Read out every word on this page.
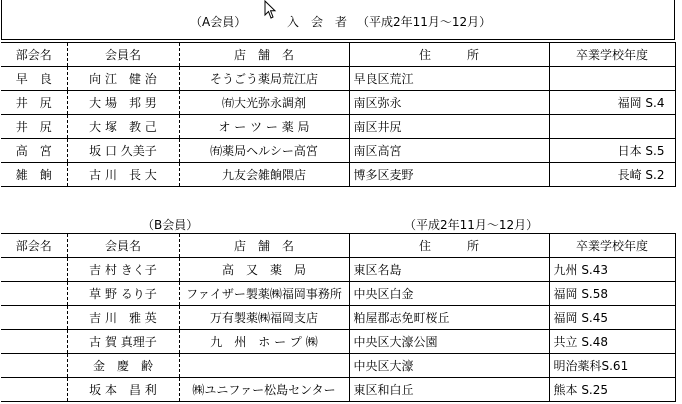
（A会員）	入　会　者 （平成2年11月～12月）
部会名	会員名	店　舗　名	住　　　所	卒業学校年度
早　良	向 江　健 治	そうごう薬局荒江店	早良区荒江	
井　尻	大 場　邦 男	㈲大光弥永調剤	南区弥永	福岡 S.4
井　尻	大 塚　教 己	オ ー ツ ー 薬 局	南区井尻	
高　宮	坂 口 久美子	㈲薬局ヘルシー高宮	南区高宮	日本 S.5
雑　餉	古 川　長 大	九友会雑餉隈店	博多区麦野	長崎 S.2
（B会員）	（平成2年11月～12月）
部会名	会員名	店　舗　名	住　　　所	卒業学校年度
	吉 村 きく子	高　又　薬　局	東区名島	九州 S.43
	草 野 るり子	ファイザー製薬㈱福岡事務所	中央区白金	福岡 S.58
	吉 川　雅 英	万有製薬㈱福岡支店	粕屋郡志免町桜丘	福岡 S.45
	古 賀 真理子	九　州　ホ ー プ ㈱	中央区大濠公園	共立 S.48
	金　慶　齢		中央区大濠	明治薬科S.61
	坂 本　昌 利	㈱ユニファー松島センター	東区和白丘	熊本 S.25
